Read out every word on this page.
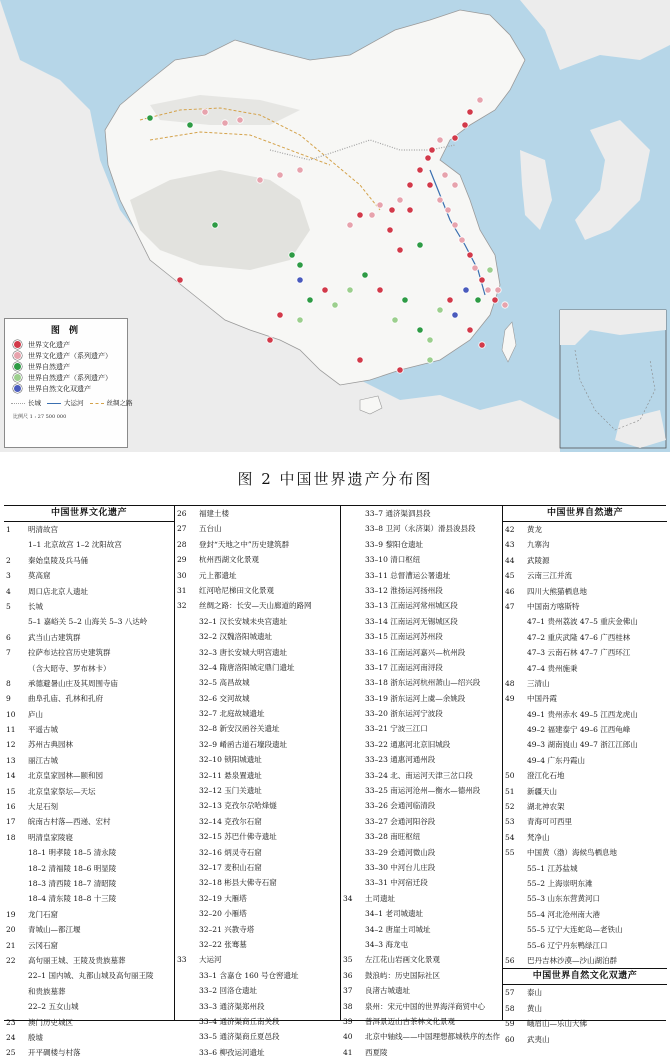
图 例
世界文化遗产
世界文化遗产（系列遗产）
世界自然遗产
世界自然遗产（系列遗产）
世界自然文化双遗产
长城	大运河	丝绸之路
比例尺 1 : 27 500 000
图 2 中国世界遗产分布图
中国世界文化遗产
1	明清故宫
1–1 北京故宫 1–2 沈阳故宫
2	秦始皇陵及兵马俑
3	莫高窟
4	周口店北京人遗址
5	长城
5–1 嘉峪关 5–2 山海关 5–3 八达岭
6	武当山古建筑群
7	拉萨布达拉宫历史建筑群
（含大昭寺、罗布林卡）
8	承德避暑山庄及其周围寺庙
9	曲阜孔庙、孔林和孔府
10	庐山
11	平遥古城
12	苏州古典园林
13	丽江古城
14	北京皇家园林—颐和园
15	北京皇家祭坛—天坛
16	大足石刻
17	皖南古村落—西递、宏村
18	明清皇家陵寝
18–1 明孝陵 18–5 清永陵
18–2 清福陵 18–6 明显陵
18–3 清西陵 18–7 清昭陵
18–4 清东陵 18–8 十三陵
19	龙门石窟
20	青城山—都江堰
21	云冈石窟
22	高句丽王城、王陵及贵族墓葬
22–1 国内城、丸都山城及高句丽王陵
和贵族墓葬
22–2 五女山城
23	澳门历史城区
24	殷墟
25	开平碉楼与村落
26	福建土楼
27	五台山
28	登封“天地之中”历史建筑群
29	杭州西湖文化景观
30	元上都遗址
31	红河哈尼梯田文化景观
32	丝绸之路：长安—天山廊道的路网
32–1 汉长安城未央宫遗址
32–2 汉魏洛阳城遗址
32–3 唐长安城大明宫遗址
32–4 隋唐洛阳城定鼎门遗址
32–5 高昌故城
32–6 交河故城
32–7 北庭故城遗址
32–8 新安汉函谷关遗址
32–9 崤函古道石壕段遗址
32–10 锁阳城遗址
32–11 悬泉置遗址
32–12 玉门关遗址
32–13 克孜尔尕哈烽燧
32–14 克孜尔石窟
32–15 苏巴什佛寺遗址
32–16 炳灵寺石窟
32–17 麦积山石窟
32–18 彬县大佛寺石窟
32–19 大雁塔
32–20 小雁塔
32–21 兴教寺塔
32–22 张骞墓
33	大运河
33–1 含嘉仓 160 号仓窖遗址
33–2 回洛仓遗址
33–3 通济渠郑州段
33–4 通济渠商丘南关段
33–5 通济渠商丘夏邑段
33–6 柳孜运河遗址
33–7 通济渠泗县段
33–8 卫河（永济渠）滑县浚县段
33–9 黎阳仓遗址
33–10 清口枢纽
33–11 总督漕运公署遗址
33–12 淮扬运河扬州段
33–13 江南运河常州城区段
33–14 江南运河无锡城区段
33–15 江南运河苏州段
33–16 江南运河嘉兴—杭州段
33–17 江南运河南浔段
33–18 浙东运河杭州萧山—绍兴段
33–19 浙东运河上虞—余姚段
33–20 浙东运河宁波段
33–21 宁波三江口
33–22 通惠河北京旧城段
33–23 通惠河通州段
33–24 北、南运河天津三岔口段
33–25 南运河沧州—衡水—德州段
33–26 会通河临清段
33–27 会通河阳谷段
33–28 南旺枢纽
33–29 会通河微山段
33–30 中河台儿庄段
33–31 中河宿迁段
34	土司遗址
34–1 老司城遗址
34–2 唐崖土司城址
34–3 海龙屯
35	左江花山岩画文化景观
36	鼓浪屿：历史国际社区
37	良渚古城遗址
38	泉州：宋元中国的世界海洋商贸中心
39	普洱景迈山古茶林文化景观
40	北京中轴线——中国理想都城秩序的杰作
41	西夏陵
中国世界自然遗产
42	黄龙
43	九寨沟
44	武陵源
45	云南三江并流
46	四川大熊猫栖息地
47	中国南方喀斯特
47–1 贵州荔波 47–5 重庆金佛山
47–2 重庆武隆 47–6 广西桂林
47–3 云南石林 47–7 广西环江
47–4 贵州施秉
48	三清山
49	中国丹霞
49–1 贵州赤水 49–5 江西龙虎山
49–2 福建泰宁 49–6 江西龟峰
49–3 湖南崀山 49–7 浙江江郎山
49–4 广东丹霞山
50	澄江化石地
51	新疆天山
52	湖北神农架
53	青海可可西里
54	梵净山
55	中国黄（渤）海候鸟栖息地
55–1 江苏盐城
55–2 上海崇明东滩
55–3 山东东营黄河口
55–4 河北沧州南大港
55–5 辽宁大连蛇岛—老铁山
55–6 辽宁丹东鸭绿江口
56	巴丹吉林沙漠—沙山湖泊群
中国世界自然文化双遗产
57	泰山
58	黄山
59	峨眉山—乐山大佛
60	武夷山
